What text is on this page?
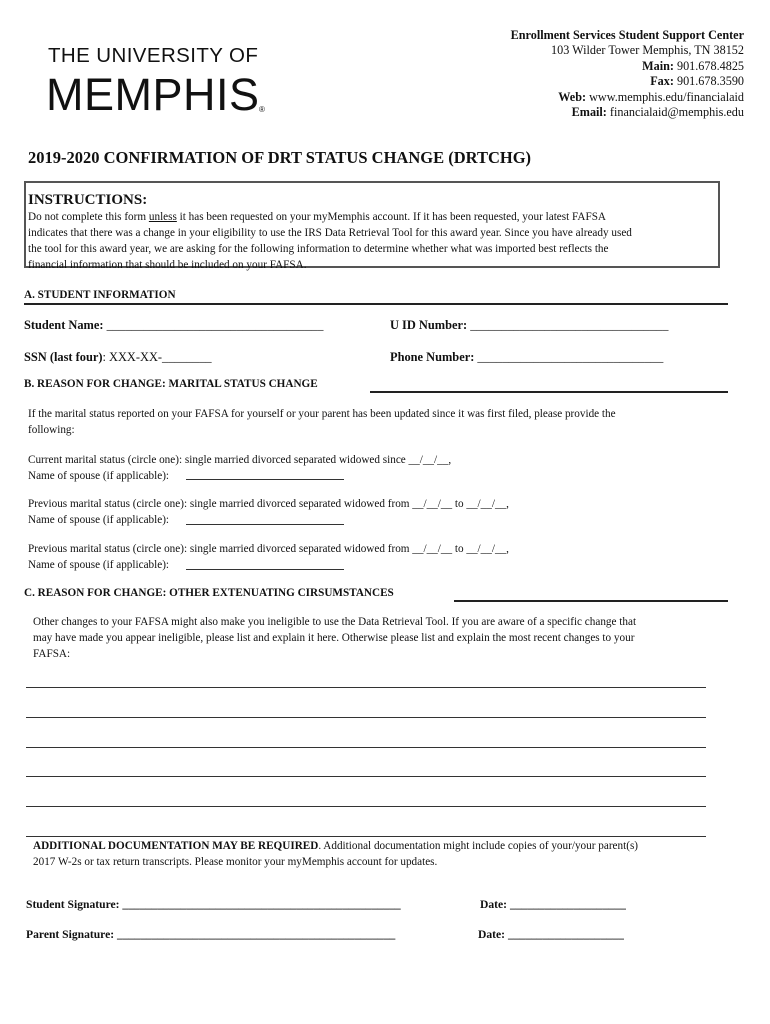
THE UNIVERSITY OF
MEMPHIS ®
Enrollment Services Student Support Center
103 Wilder Tower Memphis, TN 38152
Main: 901.678.4825
Fax: 901.678.3590
Web: www.memphis.edu/financialaid
Email: financialaid@memphis.edu
2019-2020 CONFIRMATION OF DRT STATUS CHANGE (DRTCHG)
INSTRUCTIONS:
Do not complete this form unless it has been requested on your myMemphis account. If it has been requested, your latest FAFSA
indicates that there was a change in your eligibility to use the IRS Data Retrieval Tool for this award year. Since you have already used
the tool for this award year, we are asking for the following information to determine whether what was imported best reflects the
financial information that should be included on your FAFSA.
A. STUDENT INFORMATION
Student Name: ___________________________________	U ID Number: ________________________________
SSN (last four): XXX-XX-________	Phone Number: ______________________________
B. REASON FOR CHANGE: MARITAL STATUS CHANGE
If the marital status reported on your FAFSA for yourself or your parent has been updated since it was first filed, please provide the
following:
Current marital status (circle one): single married divorced separated widowed since __/__/__,
Name of spouse (if applicable):
Previous marital status (circle one): single married divorced separated widowed from __/__/__ to __/__/__,
Name of spouse (if applicable):
Previous marital status (circle one): single married divorced separated widowed from __/__/__ to __/__/__,
Name of spouse (if applicable):
C. REASON FOR CHANGE: OTHER EXTENUATING CIRSUMSTANCES
Other changes to your FAFSA might also make you ineligible to use the Data Retrieval Tool. If you are aware of a specific change that
may have made you appear ineligible, please list and explain it here. Otherwise please list and explain the most recent changes to your
FAFSA:
ADDITIONAL DOCUMENTATION MAY BE REQUIRED. Additional documentation might include copies of your/your parent(s)
2017 W-2s or tax return transcripts. Please monitor your myMemphis account for updates.
Student Signature: ________________________________________________	Date: ____________________
Parent Signature: ________________________________________________	Date: ____________________
